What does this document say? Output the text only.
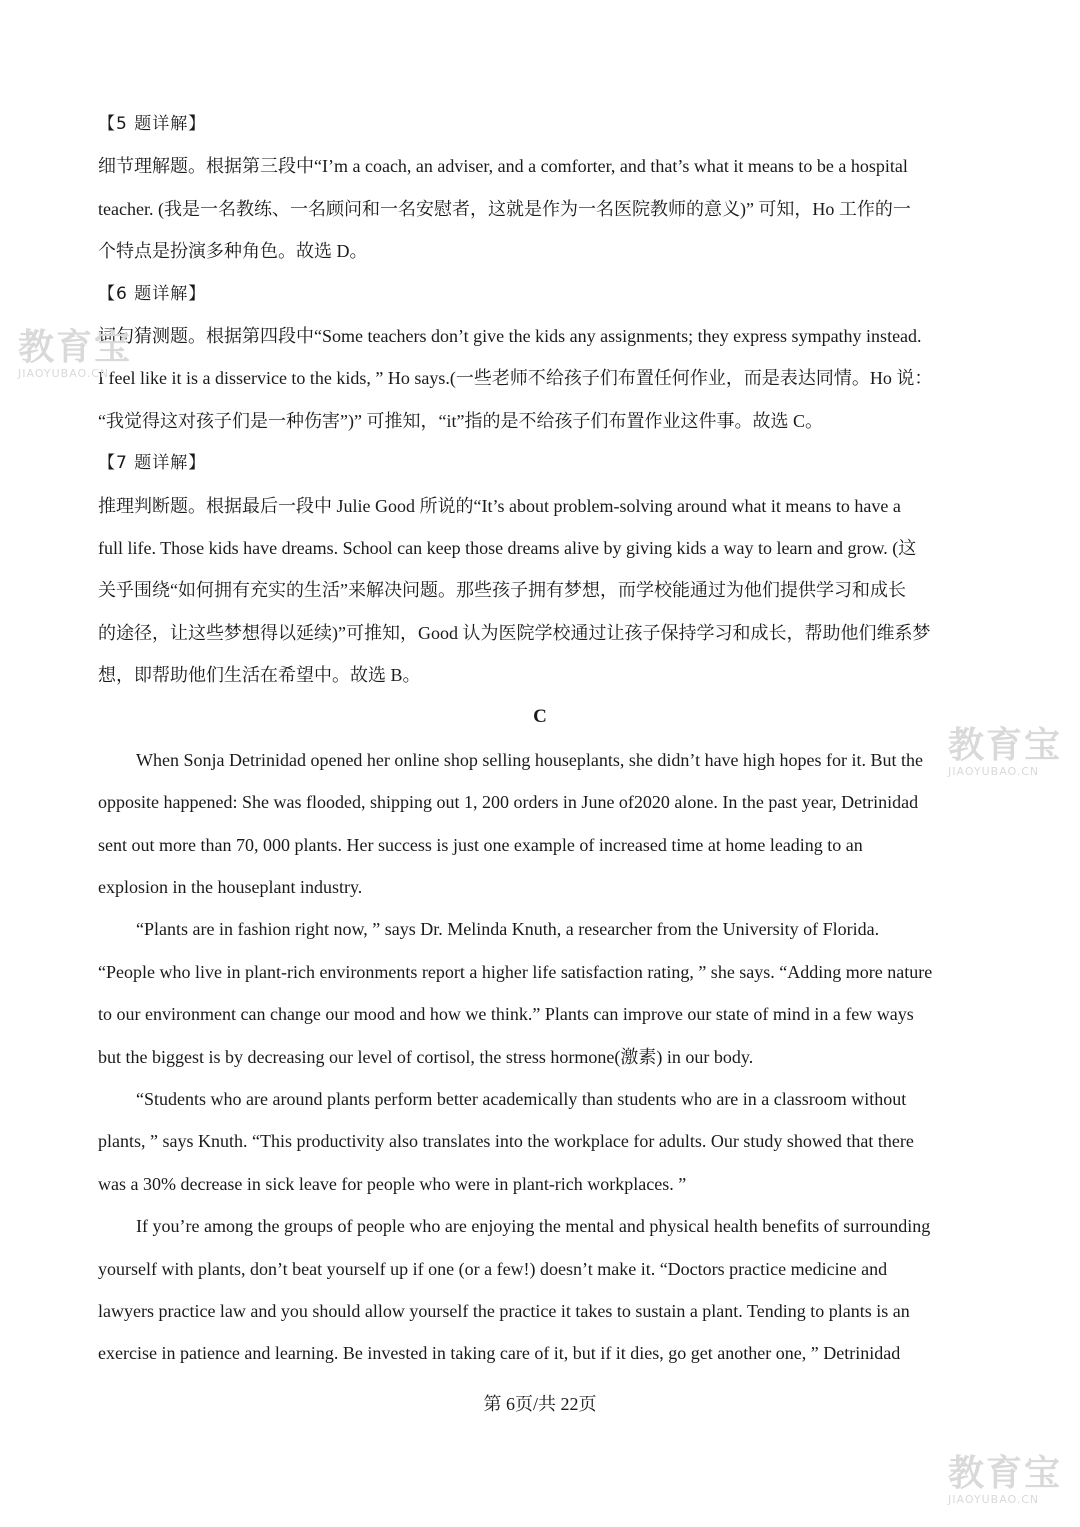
【5 题详解】
细节理解题。根据第三段中“I’m a coach, an adviser, and a comforter, and that’s what it means to be a hospital
teacher. (我是一名教练、一名顾问和一名安慰者，这就是作为一名医院教师的意义)” 可知，Ho 工作的一
个特点是扮演多种角色。故选 D。
【6 题详解】
词句猜测题。根据第四段中“Some teachers don’t give the kids any assignments; they express sympathy instead.
I feel like it is a disservice to the kids, ” Ho says.(一些老师不给孩子们布置任何作业，而是表达同情。Ho 说：
“我觉得这对孩子们是一种伤害”)” 可推知，“it”指的是不给孩子们布置作业这件事。故选 C。
【7 题详解】
推理判断题。根据最后一段中 Julie Good 所说的“It’s about problem-solving around what it means to have a
full life. Those kids have dreams. School can keep those dreams alive by giving kids a way to learn and grow. (这
关乎围绕“如何拥有充实的生活”来解决问题。那些孩子拥有梦想，而学校能通过为他们提供学习和成长
的途径，让这些梦想得以延续)”可推知，Good 认为医院学校通过让孩子保持学习和成长，帮助他们维系梦
想，即帮助他们生活在希望中。故选 B。
C
When Sonja Detrinidad opened her online shop selling houseplants, she didn’t have high hopes for it. But the
opposite happened: She was flooded, shipping out 1, 200 orders in June of2020 alone. In the past year, Detrinidad
sent out more than 70, 000 plants. Her success is just one example of increased time at home leading to an
explosion in the houseplant industry.
“Plants are in fashion right now, ” says Dr. Melinda Knuth, a researcher from the University of Florida.
“People who live in plant-rich environments report a higher life satisfaction rating, ” she says. “Adding more nature
to our environment can change our mood and how we think.” Plants can improve our state of mind in a few ways
but the biggest is by decreasing our level of cortisol, the stress hormone(激素) in our body.
“Students who are around plants perform better academically than students who are in a classroom without
plants, ” says Knuth. “This productivity also translates into the workplace for adults. Our study showed that there
was a 30% decrease in sick leave for people who were in plant-rich workplaces. ”
If you’re among the groups of people who are enjoying the mental and physical health benefits of surrounding
yourself with plants, don’t beat yourself up if one (or a few!) doesn’t make it. “Doctors practice medicine and
lawyers practice law and you should allow yourself the practice it takes to sustain a plant. Tending to plants is an
exercise in patience and learning. Be invested in taking care of it, but if it dies, go get another one, ” Detrinidad
第 6页/共 22页
教育宝
JIAOYUBAO.CN
教育宝
JIAOYUBAO.CN
教育宝
JIAOYUBAO.CN
